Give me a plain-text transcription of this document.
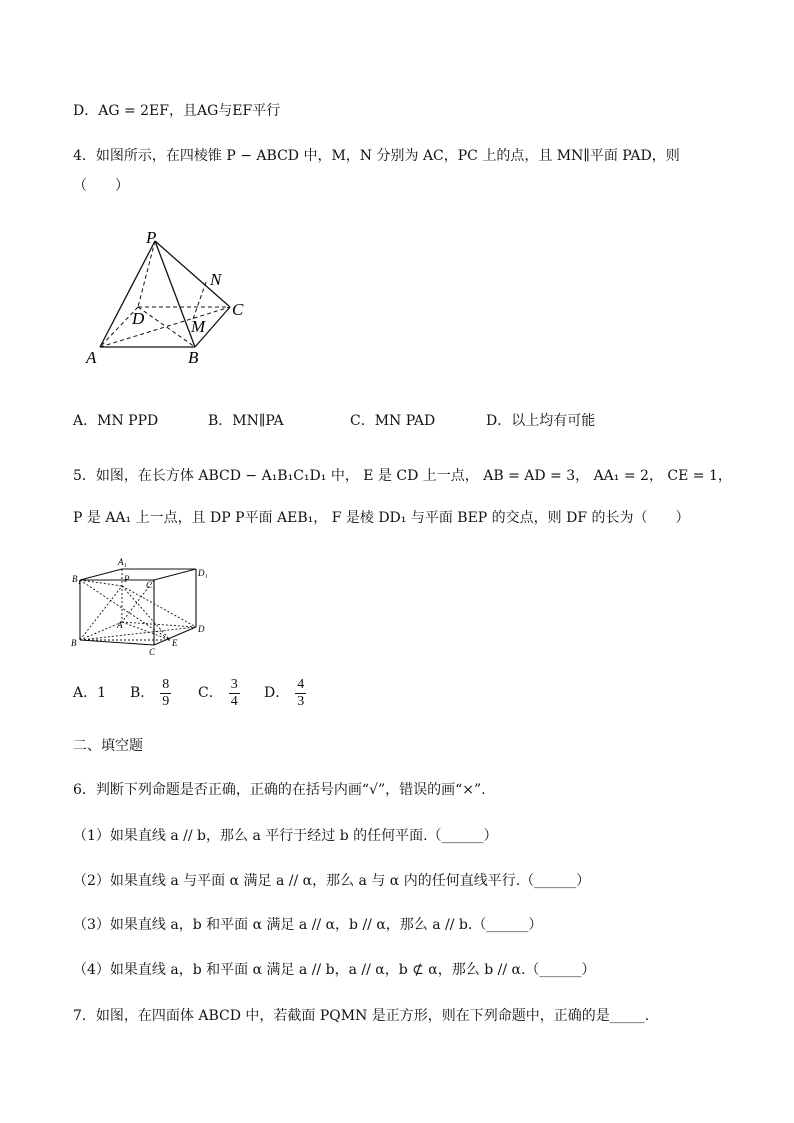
D．AG = 2EF，且AG与EF平行
4．如图所示，在四棱锥 P − ABCD 中，M，N 分别为 AC，PC 上的点，且 MN∥平面 PAD，则
（　　）
P
N
C
D	M
A	B
A．MN PPD	B．MN∥PA	C．MN PAD	D．以上均有可能
5．如图，在长方体 ABCD − A₁B₁C₁D₁ 中， E 是 CD 上一点， AB = AD = 3， AA₁ = 2， CE = 1，
P 是 AA₁ 上一点，且 DP P平面 AEB₁， F 是棱 DD₁ 与平面 BEP 的交点，则 DF 的长为（　　）
A₁
D₁
B₁
C₁
P
A	D
B	E
C
A．1 B． $\frac{8}{9}$ C． $\frac{3}{4}$ D． $\frac{4}{3}$
二、填空题
6．判断下列命题是否正确，正确的在括号内画“√”，错误的画“×”.
（1）如果直线 a // b，那么 a 平行于经过 b 的任何平面.（______）
（2）如果直线 a 与平面 α 满足 a // α，那么 a 与 α 内的任何直线平行.（______）
（3）如果直线 a，b 和平面 α 满足 a // α，b // α，那么 a // b.（______）
（4）如果直线 a，b 和平面 α 满足 a // b，a // α，b ⊄ α，那么 b // α.（______）
7．如图，在四面体 ABCD 中，若截面 PQMN 是正方形，则在下列命题中，正确的是_____.
